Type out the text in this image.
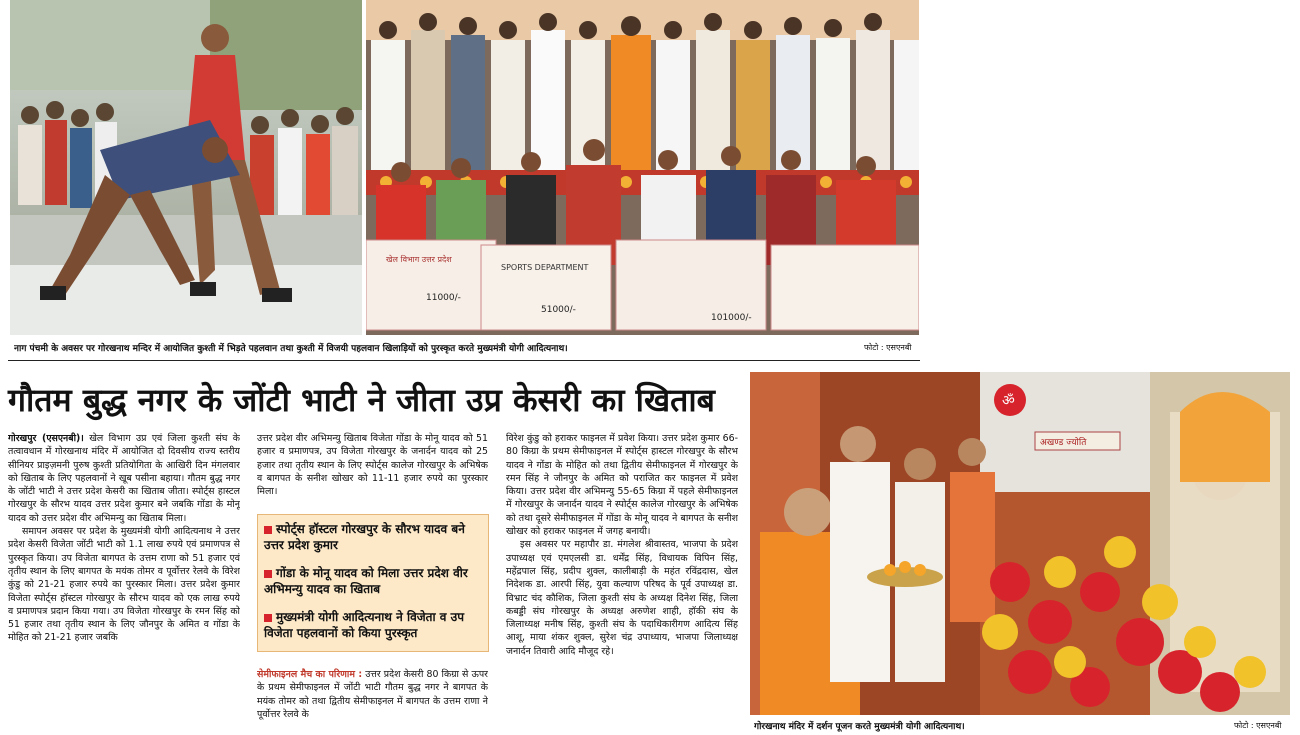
खेल विभाग उत्तर प्रदेश
SPORTS DEPARTMENT
11000/-
51000/-
101000/-
नाग पंचमी के अवसर पर गोरखनाथ मन्दिर में आयोजित कुश्ती में भिड़ते पहलवान तथा कुश्ती में विजयी पहलवान खिलाड़ियों को पुरस्कृत करते मुख्यमंत्री योगी आदित्यनाथ।	फोटो : एसएनबी
गौतम बुद्ध नगर के जोंटी भाटी ने जीता उप्र केसरी का खिताब

गोरखपुर (एसएनबी)। खेल विभाग उप्र एवं जिला कुश्ती संघ के तत्वावधान में गोरखनाथ मंदिर में आयोजित दो दिवसीय राज्य स्तरीय सीनियर प्राइज़मनी पुरुष कुश्ती प्रतियोगिता के आखिरी दिन मंगलवार को खिताब के लिए पहलवानों ने खूब पसीना बहाया। गौतम बुद्ध नगर के जोंटी भाटी ने उत्तर प्रदेश केसरी का खिताब जीता। स्पोर्ट्स हास्टल गोरखपुर के सौरभ यादव उत्तर प्रदेश कुमार बने जबकि गोंडा के मोनू यादव को उत्तर प्रदेश वीर अभिमन्यु का खिताब मिला।

समापन अवसर पर प्रदेश के मुख्यमंत्री योगी आदित्यनाथ ने उत्तर प्रदेश केसरी विजेता जोंटी भाटी को 1.1 लाख रुपये एवं प्रमाणपत्र से पुरस्कृत किया। उप विजेता बागपत के उत्तम राणा को 51 हजार एवं तृतीय स्थान के लिए बागपत के मयंक तोमर व पूर्वोत्तर रेलवे के विरेश कुंडु को 21-21 हजार रुपये का पुरस्कार मिला। उत्तर प्रदेश कुमार विजेता स्पोर्ट्स हॉस्टल गोरखपुर के सौरभ यादव को एक लाख रुपये व प्रमाणपत्र प्रदान किया गया। उप विजेता गोरखपुर के रमन सिंह को 51 हजार तथा तृतीय स्थान के लिए जौनपुर के अमित व गोंडा के मोहित को 21-21 हजार जबकि

उत्तर प्रदेश वीर अभिमन्यु खिताब विजेता गोंडा के मोनू यादव को 51 हजार व प्रमाणपत्र, उप विजेता गोरखपुर के जनार्दन यादव को 25 हजार तथा तृतीय स्थान के लिए स्पोर्ट्स कालेज गोरखपुर के अभिषेक व बागपत के सनीश खोखर को 11-11 हजार रुपये का पुरस्कार मिला।

स्पोर्ट्स हॉस्टल गोरखपुर के सौरभ यादव बने उत्तर प्रदेश कुमार
गोंडा के मोनू यादव को मिला उत्तर प्रदेश वीर अभिमन्यु यादव का खिताब
मुख्यमंत्री योगी आदित्यनाथ ने विजेता व उप विजेता पहलवानों को किया पुरस्कृत

सेमीफाइनल मैच का परिणाम : उत्तर प्रदेश केसरी 80 किग्रा से ऊपर के प्रथम सेमीफाइनल में जोंटी भाटी गौतम बुद्ध नगर ने बागपत के मयंक तोमर को तथा द्वितीय सेमीफाइनल में बागपत के उत्तम राणा ने पूर्वोत्तर रेलवे के

विरेश कुंडु को हराकर फाइनल में प्रवेश किया। उत्तर प्रदेश कुमार 66-80 किग्रा के प्रथम सेमीफाइनल में स्पोर्ट्स हास्टल गोरखपुर के सौरभ यादव ने गोंडा के मोहित को तथा द्वितीय सेमीफाइनल में गोरखपुर के रमन सिंह ने जौनपुर के अमित को पराजित कर फाइनल में प्रवेश किया। उत्तर प्रदेश वीर अभिमन्यु 55-65 किग्रा में पहले सेमीफाइनल में गोरखपुर के जनार्दन यादव ने स्पोर्ट्स कालेज गोरखपुर के अभिषेक को तथा दूसरे सेमीफाइनल में गोंडा के मोनू यादव ने बागपत के सनीश खोखर को हराकर फाइनल में जगह बनायी।

इस अवसर पर महापौर डा. मंगलेश श्रीवास्तव, भाजपा के प्रदेश उपाध्यक्ष एवं एमएलसी डा. धर्मेंद्र सिंह, विधायक विपिन सिंह, महेंद्रपाल सिंह, प्रदीप शुक्ल, कालीबाड़ी के महंत रविंद्रदास, खेल निदेशक डा. आरपी सिंह, युवा कल्याण परिषद के पूर्व उपाध्यक्ष डा. विभ्राट चंद कौशिक, जिला कुश्ती संघ के अध्यक्ष दिनेश सिंह, जिला कबड्डी संघ गोरखपुर के अध्यक्ष अरुणेश शाही, हॉकी संघ के जिलाध्यक्ष मनीष सिंह, कुश्ती संघ के पदाधिकारीगण आदित्य सिंह आशू, माया शंकर शुक्ल, सुरेश चंद्र उपाध्याय, भाजपा जिलाध्यक्ष जनार्दन तिवारी आदि मौजूद रहे।

ॐ
अखण्ड ज्योति
गोरखनाथ मंदिर में दर्शन पूजन करते मुख्यमंत्री योगी आदित्यनाथ।	फोटो : एसएनबी
